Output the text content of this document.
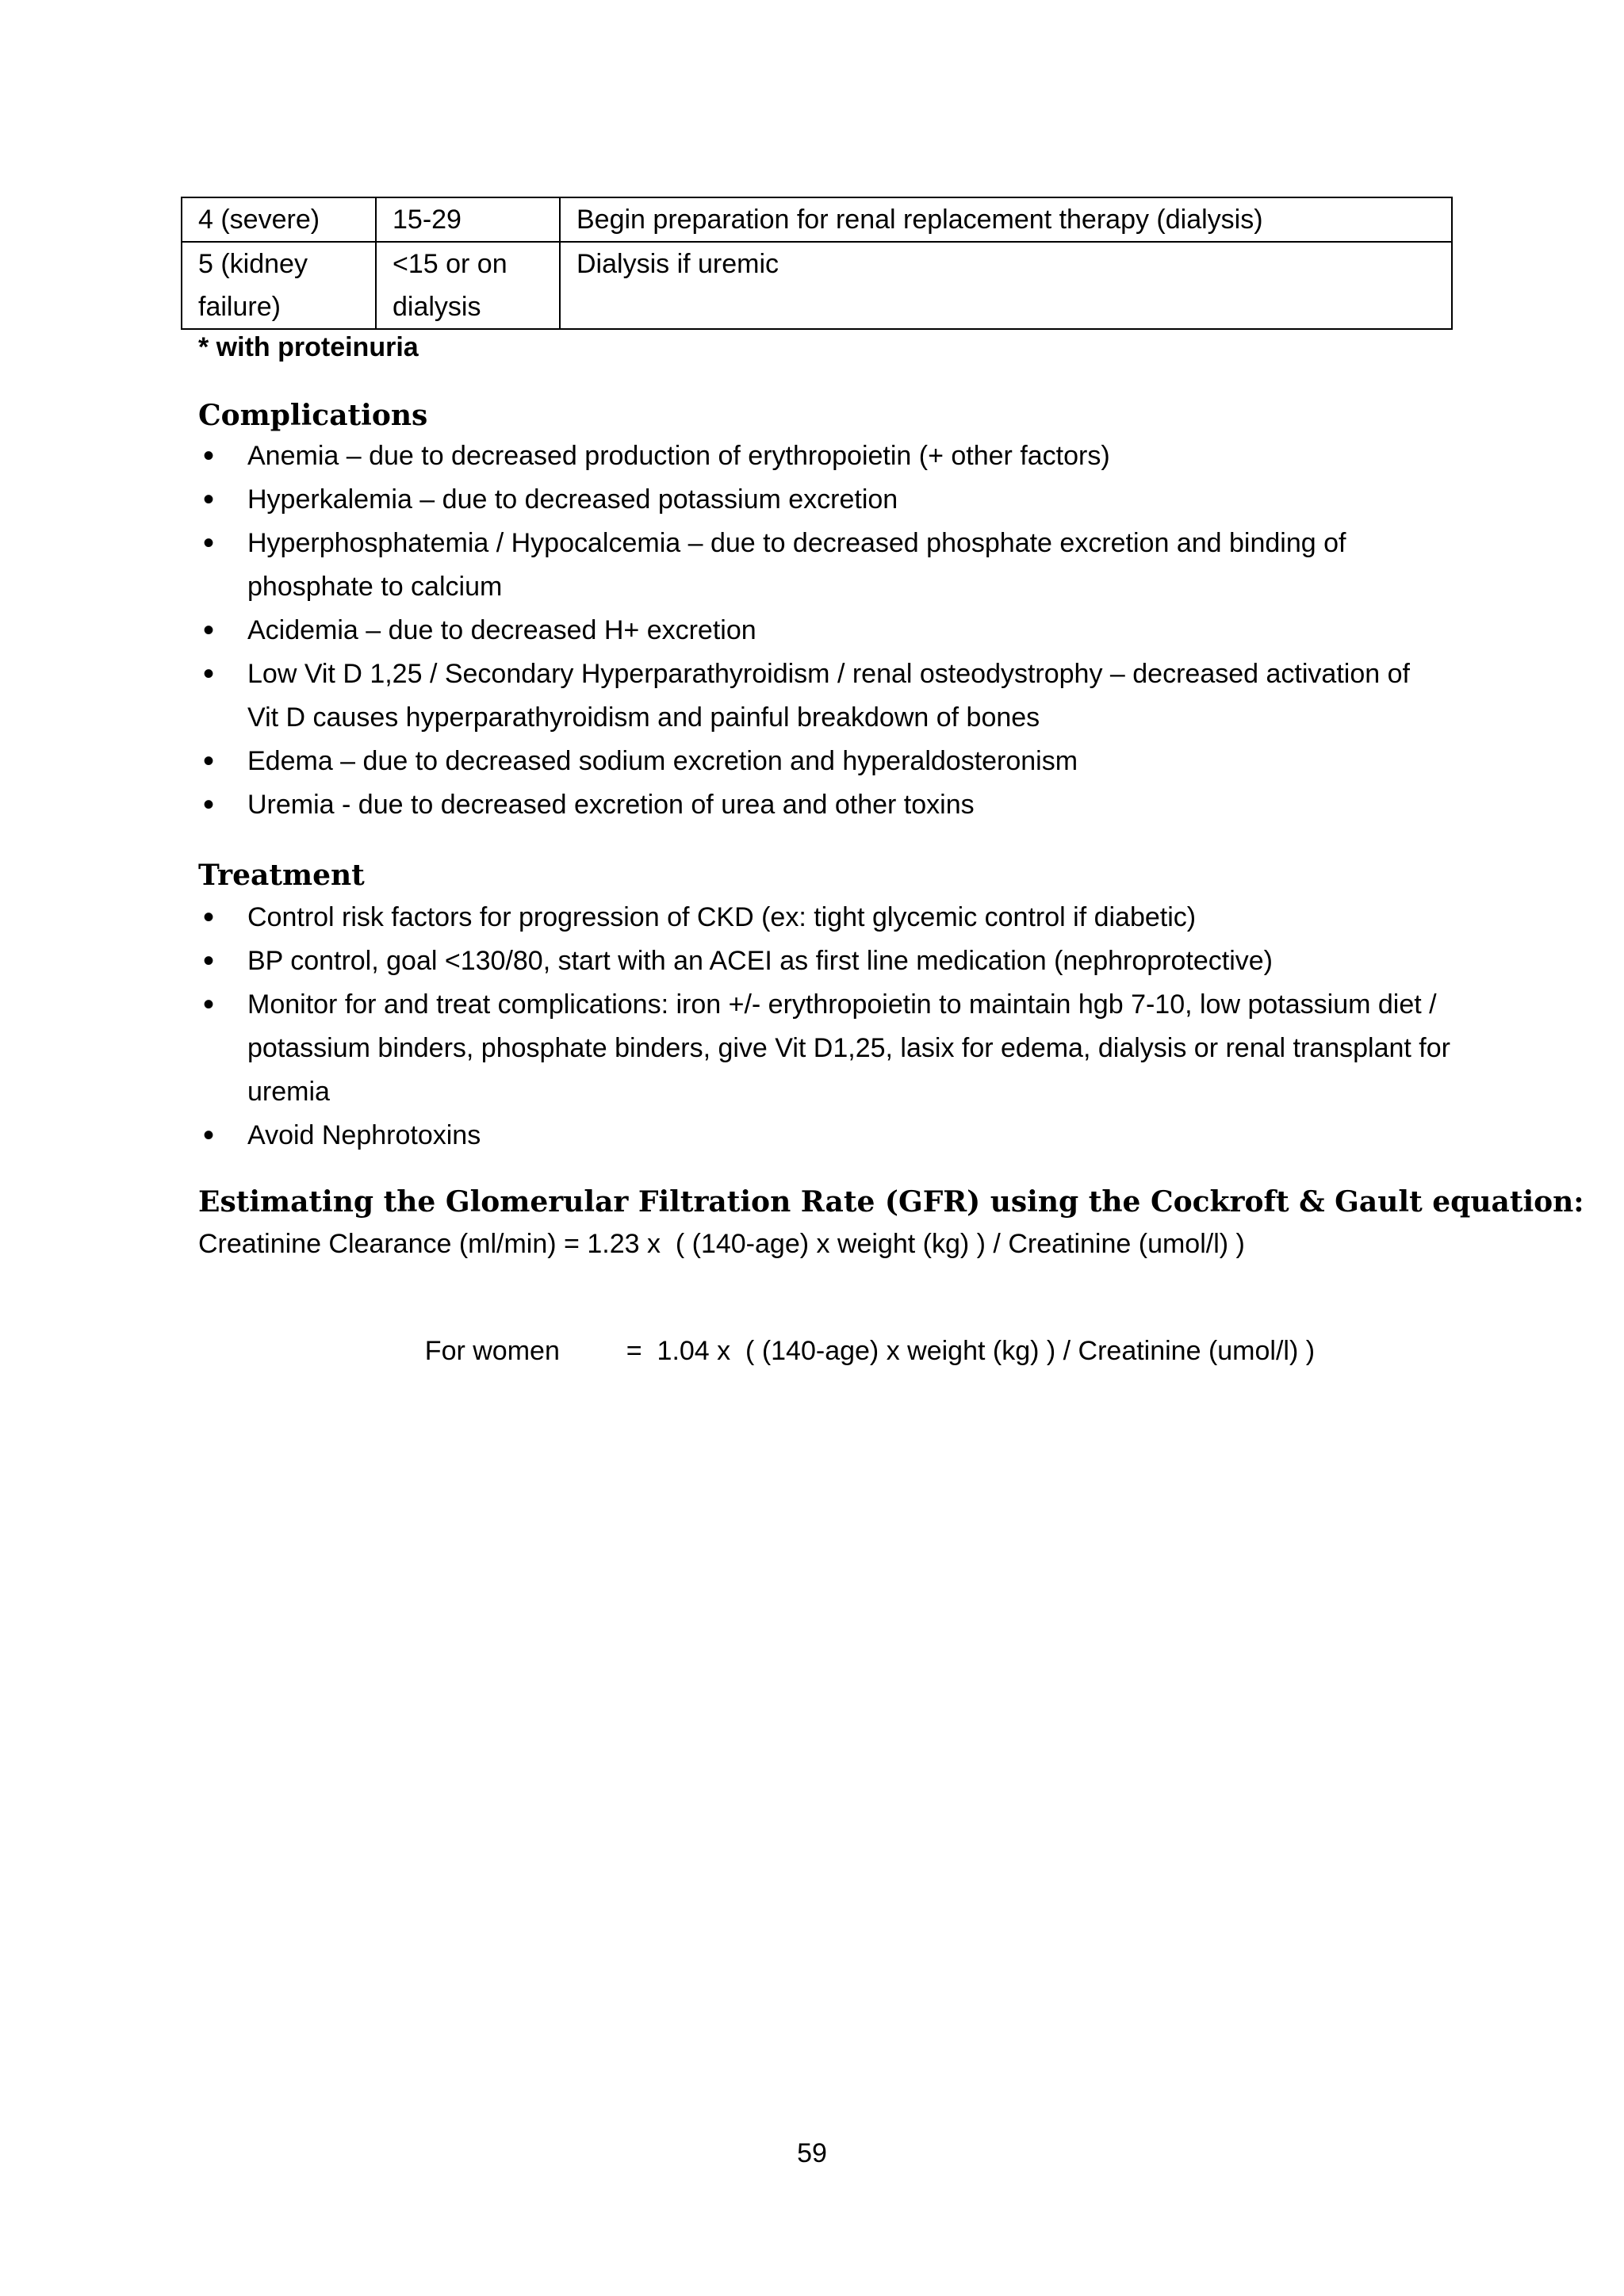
4 (severe)	15-29	Begin preparation for renal replacement therapy (dialysis)
5 (kidney failure)	<15 or on dialysis	Dialysis if uremic
* with proteinuria
Complications
• Anemia – due to decreased production of erythropoietin (+ other factors)
• Hyperkalemia – due to decreased potassium excretion
• Hyperphosphatemia / Hypocalcemia – due to decreased phosphate excretion and binding of phosphate to calcium
• Acidemia – due to decreased H+ excretion
• Low Vit D 1,25 / Secondary Hyperparathyroidism / renal osteodystrophy – decreased activation of Vit D causes hyperparathyroidism and painful breakdown of bones
• Edema – due to decreased sodium excretion and hyperaldosteronism
• Uremia - due to decreased excretion of urea and other toxins
Treatment
• Control risk factors for progression of CKD (ex: tight glycemic control if diabetic)
• BP control, goal <130/80, start with an ACEI as first line medication (nephroprotective)
• Monitor for and treat complications: iron +/- erythropoietin to maintain hgb 7-10, low potassium diet / potassium binders, phosphate binders, give Vit D1,25, lasix for edema, dialysis or renal transplant for uremia
• Avoid Nephrotoxins
Estimating the Glomerular Filtration Rate (GFR) using the Cockroft & Gault equation:
Creatinine Clearance (ml/min) = 1.23 x  ( (140-age) x weight (kg) ) / Creatinine (umol/l) )

For women =  1.04 x  ( (140-age) x weight (kg) ) / Creatinine (umol/l) )

59
